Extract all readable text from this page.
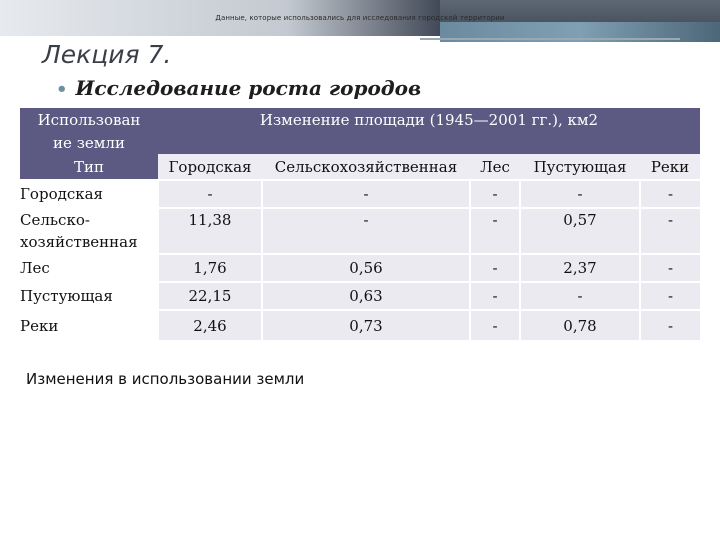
Данные, которые использовались для исследования городской территории
Лекция 7.
• Исследование роста городов
Использован	Изменение площади (1945—2001 гг.), км2				
ие земли					
Тип	Городская	Сельскохозяйственная	Лес	Пустующая	Реки
Городская	-	-	-	-	-
Сельско-
хозяйственная	11,38	-	-	0,57	-
Лес	1,76	0,56	-	2,37	-
Пустующая	22,15	0,63	-	-	-
Реки	2,46	0,73	-	0,78	-
Изменения в использовании земли
